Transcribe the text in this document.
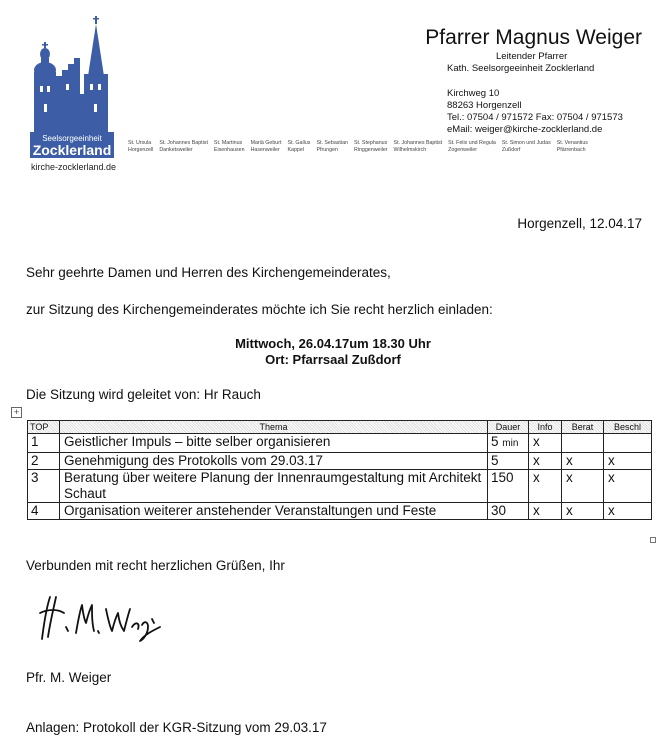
Seelsorgeeinheit
Zocklerland
kirche-zocklerland.de
St. Ursula
Horgenzell
St. Johannes Baptist
Danketsweiler
St. Martinus
Eisenhausen
Mariä Geburt
Hasenweiler
St. Gallus
Kappel
St. Sebastian
Pfrungen
St. Stephanus
Ringgenweiler
St. Johannes Baptist
Wilhelmskirch
St. Felix und Regula
Zogenweiler
St. Simon und Judas
Zußdorf
St. Venantius
Pfärrenbach
Pfarrer Magnus Weiger
Leitender Pfarrer
Kath. Seelsorgeeinheit Zocklerland
Kirchweg 10
88263 Horgenzell
Tel.: 07504 / 971572 Fax: 07504 / 971573
eMail: weiger@kirche-zocklerland.de
Horgenzell, 12.04.17
Sehr geehrte Damen und Herren des Kirchengemeinderates,
zur Sitzung des Kirchengemeinderates möchte ich Sie recht herzlich einladen:
Mittwoch, 26.04.17um 18.30 Uhr
Ort: Pfarrsaal Zußdorf
Die Sitzung wird geleitet von: Hr Rauch
+
TOP	Thema	Dauer	Info	Berat	Beschl
1	Geistlicher Impuls – bitte selber organisieren	5 min	x		
2	Genehmigung des Protokolls vom 29.03.17	5	x	x	x
3	Beratung über weitere Planung der Innenraumgestaltung mit Architekt Schaut	150	x	x	x
4	Organisation weiterer anstehender Veranstaltungen und Feste	30	x	x	x
Verbunden mit recht herzlichen Grüßen, Ihr
Pfr. M. Weiger
Anlagen: Protokoll der KGR-Sitzung vom 29.03.17
